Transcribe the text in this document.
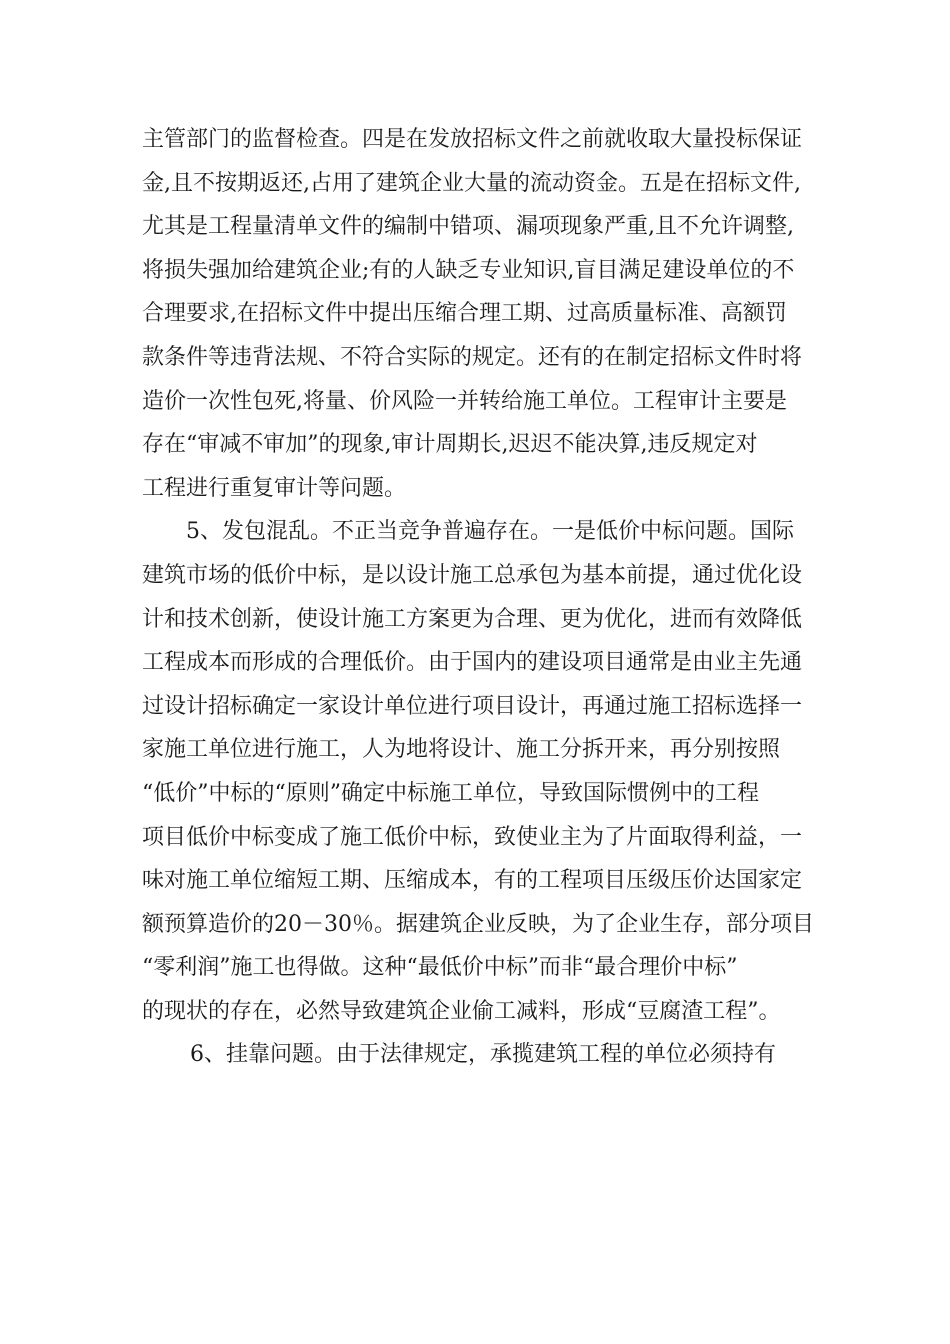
主管部门的监督检查。四是在发放招标文件之前就收取大量投标保证
金,且不按期返还,占用了建筑企业大量的流动资金。五是在招标文件,
尤其是工程量清单文件的编制中错项、漏项现象严重,且不允许调整,
将损失强加给建筑企业;有的人缺乏专业知识,盲目满足建设单位的不
合理要求,在招标文件中提出压缩合理工期、过高质量标准、高额罚
款条件等违背法规、不符合实际的规定。还有的在制定招标文件时将
造价一次性包死,将量、价风险一并转给施工单位。工程审计主要是
存在“审减不审加”的现象,审计周期长,迟迟不能决算,违反规定对
工程进行重复审计等问题。
5、发包混乱。不正当竞争普遍存在。一是低价中标问题。国际
建筑市场的低价中标，是以设计施工总承包为基本前提，通过优化设
计和技术创新，使设计施工方案更为合理、更为优化，进而有效降低
工程成本而形成的合理低价。由于国内的建设项目通常是由业主先通
过设计招标确定一家设计单位进行项目设计，再通过施工招标选择一
家施工单位进行施工，人为地将设计、施工分拆开来，再分别按照
“低价”中标的“原则”确定中标施工单位，导致国际惯例中的工程
项目低价中标变成了施工低价中标，致使业主为了片面取得利益，一
味对施工单位缩短工期、压缩成本，有的工程项目压级压价达国家定
额预算造价的20－30％。据建筑企业反映，为了企业生存，部分项目
“零利润”施工也得做。这种“最低价中标”而非“最合理价中标”
的现状的存在，必然导致建筑企业偷工减料，形成“豆腐渣工程”。
6、挂靠问题。由于法律规定，承揽建筑工程的单位必须持有
